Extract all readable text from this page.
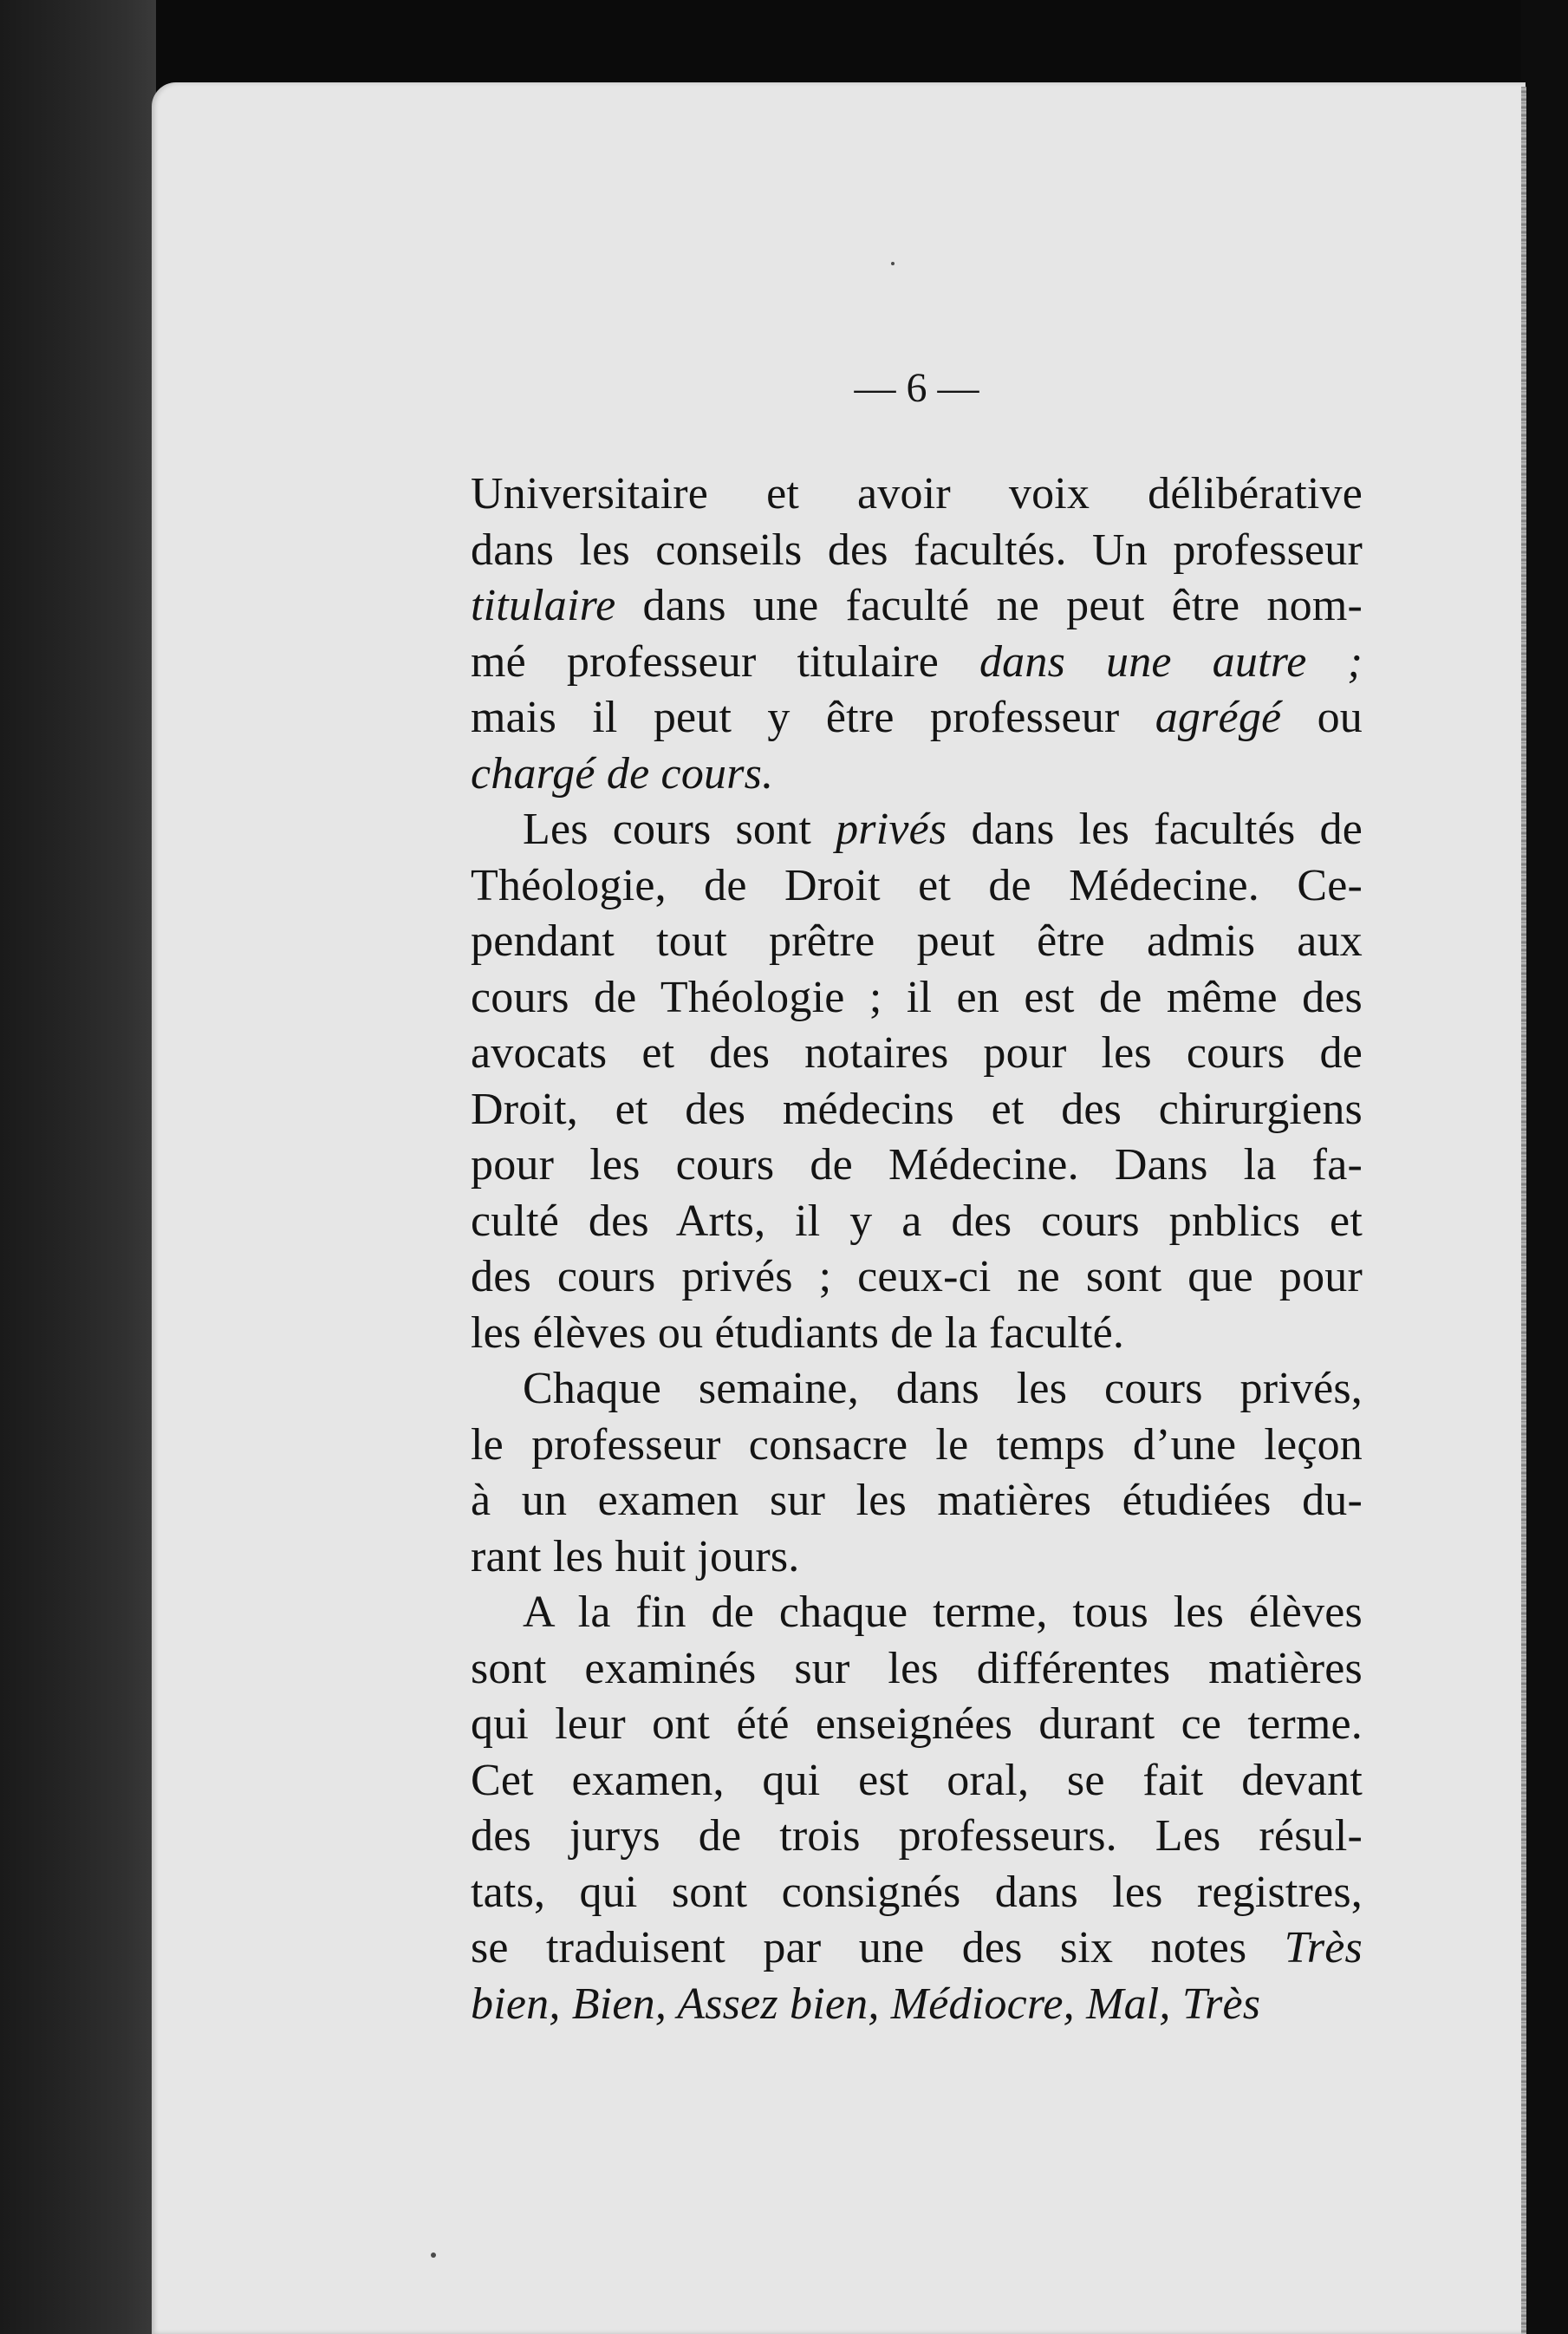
— 6 —
Universitaire et avoir voix délibérative
dans les conseils des facultés. Un professeur
titulaire dans une faculté ne peut être nom-
mé professeur titulaire dans une autre ;
mais il peut y être professeur agrégé ou
chargé de cours.
Les cours sont privés dans les facultés de
Théologie, de Droit et de Médecine. Ce-
pendant tout prêtre peut être admis aux
cours de Théologie ; il en est de même des
avocats et des notaires pour les cours de
Droit, et des médecins et des chirurgiens
pour les cours de Médecine. Dans la fa-
culté des Arts, il y a des cours pnblics et
des cours privés ; ceux-ci ne sont que pour
les élèves ou étudiants de la faculté.
Chaque semaine, dans les cours privés,
le professeur consacre le temps d’une leçon
à un examen sur les matières étudiées du-
rant les huit jours.
A la fin de chaque terme, tous les élèves
sont examinés sur les différentes matières
qui leur ont été enseignées durant ce terme.
Cet examen, qui est oral, se fait devant
des jurys de trois professeurs. Les résul-
tats, qui sont consignés dans les registres,
se traduisent par une des six notes Très
bien, Bien, Assez bien, Médiocre, Mal, Très
